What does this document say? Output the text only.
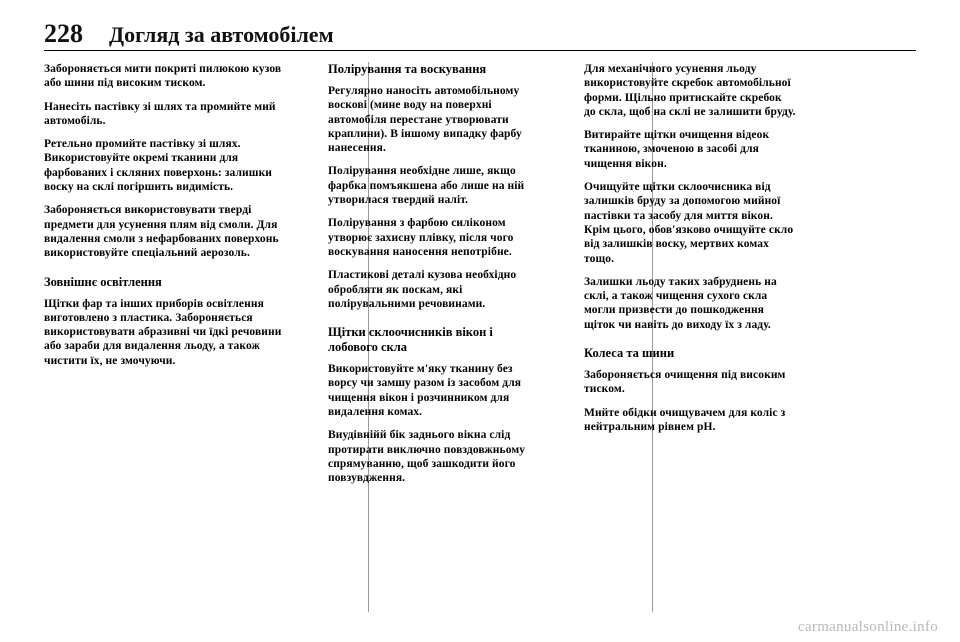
228 Догляд за автомобілем

Забороняється мити покриті пилюкою кузов або шини під високим тиском.

Нанесіть пастівку зі шлях та промийте мий автомобіль.

Ретельно промийте пастівку зі шлях. Використовуйте окремі тканини для фарбованих і скляних поверхонь: залишки воску на склі погіршить видимість.

Забороняється використовувати тверді предмети для усунення плям від смоли. Для видалення смоли з нефарбованих поверхонь використовуйте спеціальний аерозоль.

Зовнішнє освітлення

Щітки фар та інших приборів освітлення виготовлено з пластика. Забороняється використовувати абразивні чи їдкі речовини або зараби для видалення льоду, а також чистити їх, не змочуючи.

Полірування та воскування

Регулярно наносіть автомобільному воскові (мине воду на поверхні автомобіля перестане утворювати краплини). В іншому випадку фарбу нанесення.

Полірування необхідне лише, якщо фарбка помъякшена або лише на ній утворилася твердий наліт.

Полірування з фарбою силіконом утворює захисну плівку, після чого воскування наносення непотрібне.

Пластикові деталі кузова необхідно обробляти як поскам, які полірувальними речовинами.

Щітки склоочисників вікон і лобового скла

Використовуйте м'яку тканину без ворсу чи замшу разом із засобом для чищення вікон і розчинником для видалення комах.

Виудівнійй бік заднього вікна слід протирати виключно повздовжньому спрямуванню, щоб зашкодити його повзувдження.

Для механічного усунення льоду використовуйте скребок автомобільної форми. Щільно притискайте скребок до скла, щоб на склі не залишити бруду.

Витирайте щітки очищення відеок тканиною, змоченою в засобі для чищення вікон.

Очищуйте щітки склоочисника від залишків бруду за допомогою мийної пастівки та засобу для миття вікон. Крім цього, обов'язково очищуйте скло від залишків воску, мертвих комах тощо.

Залишки льоду таких забруднень на склі, а також чищення сухого скла могли призвести до пошкодження щіток чи навіть до виходу їх з ладу.

Колеса та шини

Забороняється очищення під високим тиском.

Мийте обідки очищувачем для коліс з нейтральним рівнем рН.

carmanualsonline.info
